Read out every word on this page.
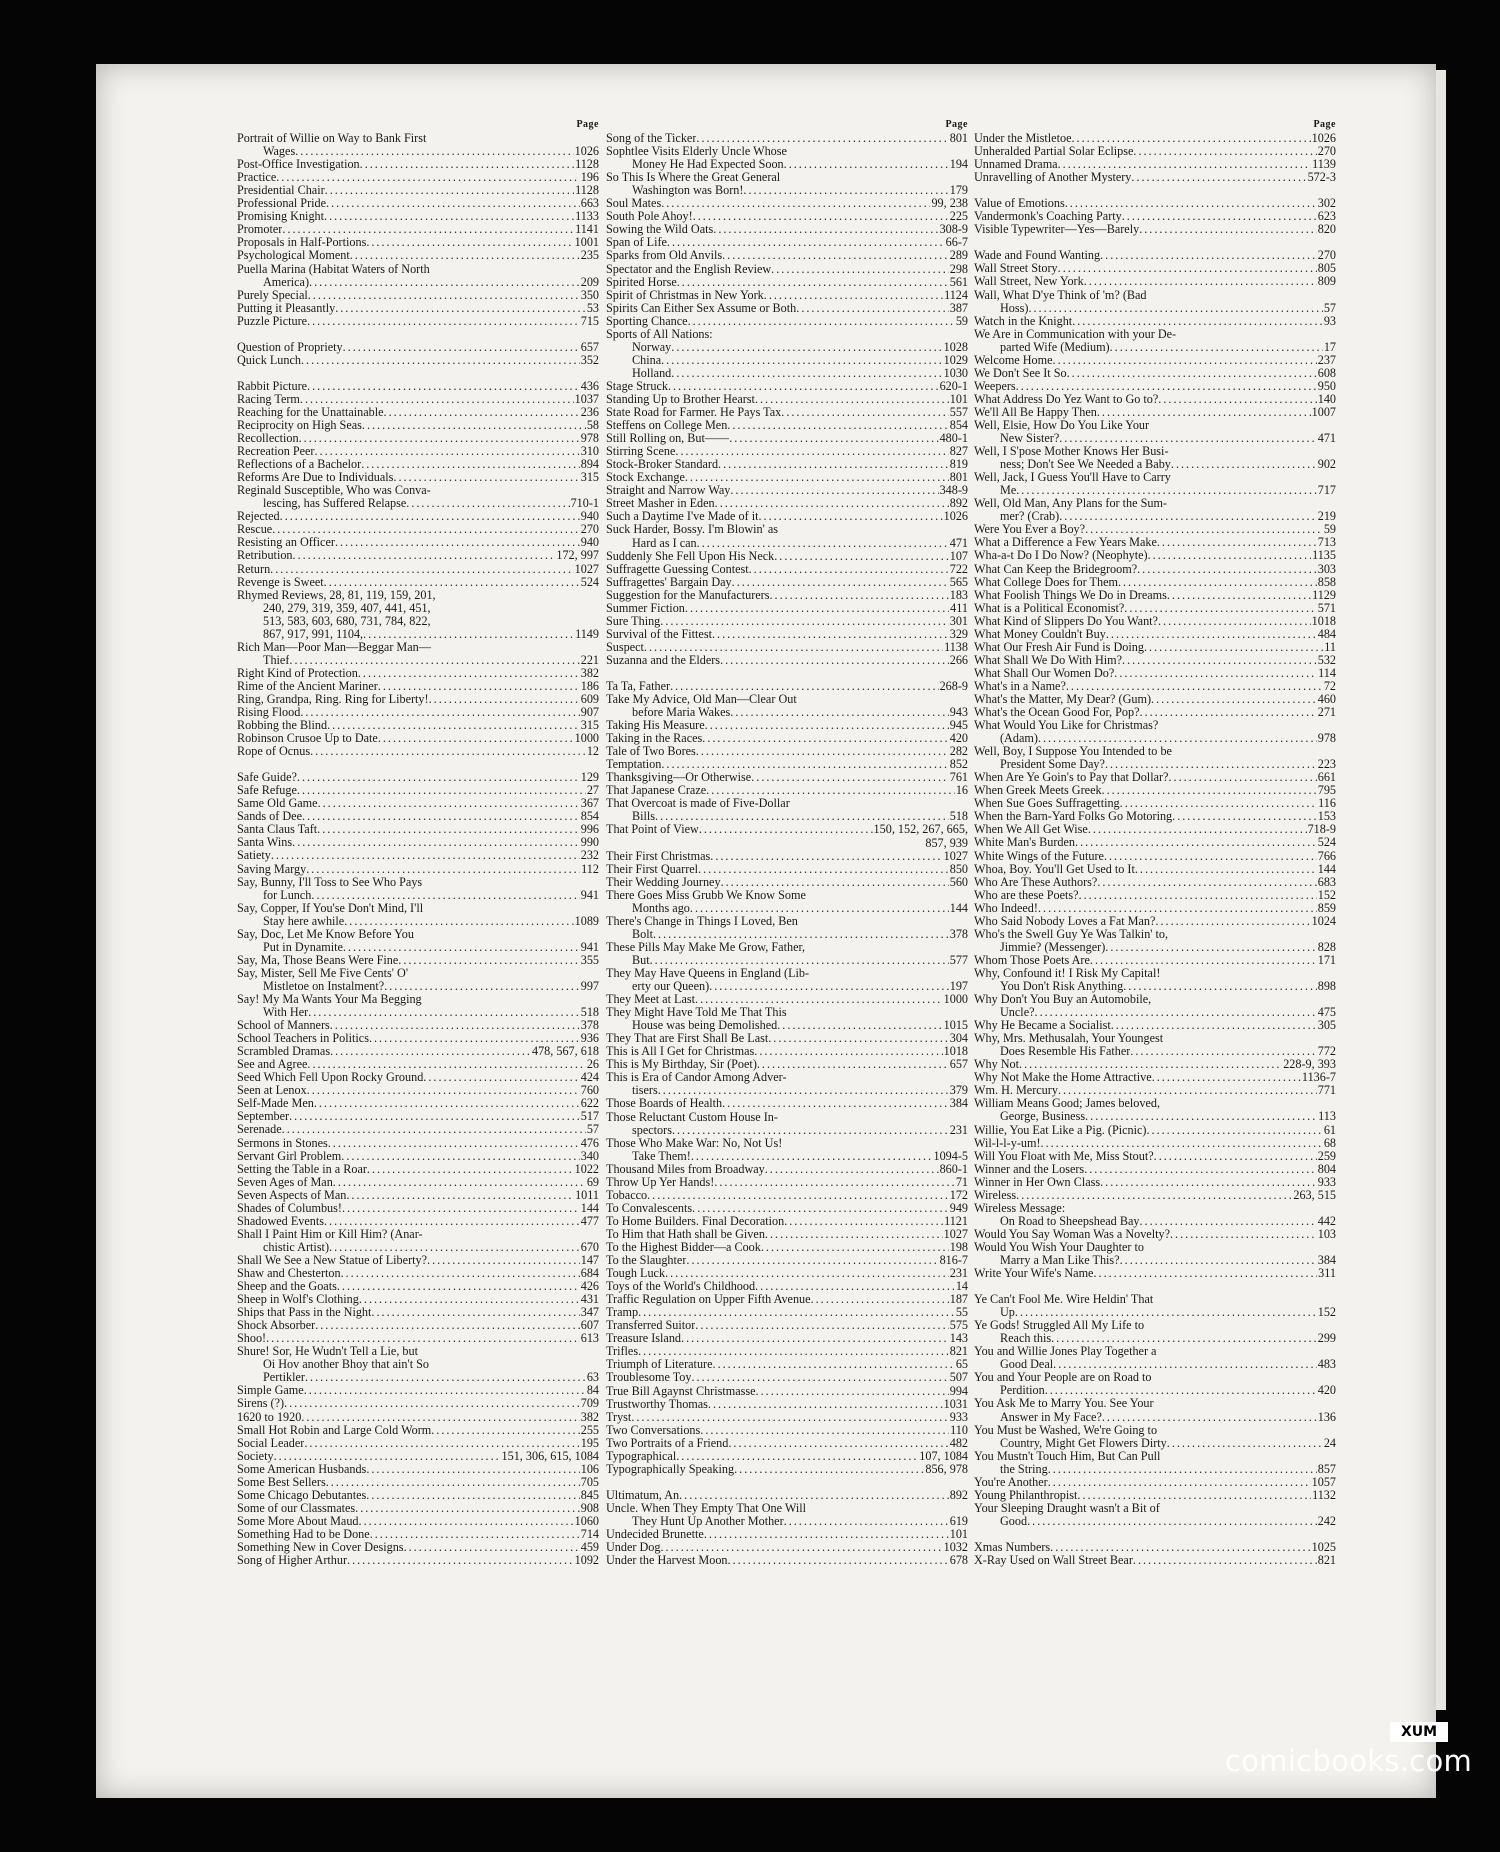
Page
Portrait of Willie on Way to Bank First
Wages .....	1026
Post-Office Investigation .....	1128
Practice .....	196
Presidential Chair .....	1128
Professional Pride .....	663
Promising Knight .....	1133
Promoter .....	1141
Proposals in Half-Portions .....	1001
Psychological Moment .....	235
Puella Marina (Habitat Waters of North
America) .....	209
Purely Special .....	350
Putting it Pleasantly .....	53
Puzzle Picture .....	715
Question of Propriety .....	657
Quick Lunch .....	352
Rabbit Picture .....	436
Racing Term .....	1037
Reaching for the Unattainable .....	236
Reciprocity on High Seas .....	58
Recollection .....	978
Recreation Peer .....	310
Reflections of a Bachelor .....	894
Reforms Are Due to Individuals .....	315
Reginald Susceptible, Who was Conva-
lescing, has Suffered Relapse .....	710-1
Rejected .....	940
Rescue .....	270
Resisting an Officer .....	940
Retribution .....	172, 997
Return .....	1027
Revenge is Sweet .....	524
Rhymed Reviews, 28, 81, 119, 159, 201,
240, 279, 319, 359, 407, 441, 451,
513, 583, 603, 680, 731, 784, 822,
867, 917, 991, 1104, .....	1149
Rich Man—Poor Man—Beggar Man—
Thief .....	221
Right Kind of Protection .....	382
Rime of the Ancient Mariner .....	186
Ring, Grandpa, Ring. Ring for Liberty! .....	609
Rising Flood .....	907
Robbing the Blind .....	315
Robinson Crusoe Up to Date .....	1000
Rope of Ocnus .....	12
Safe Guide? .....	129
Safe Refuge .....	27
Same Old Game .....	367
Sands of Dee .....	854
Santa Claus Taft .....	996
Santa Wins .....	990
Satiety .....	232
Saving Margy .....	112
Say, Bunny, I'll Toss to See Who Pays
for Lunch .....	941
Say, Copper, If You'se Don't Mind, I'll
Stay here awhile .....	1089
Say, Doc, Let Me Know Before You
Put in Dynamite .....	941
Say, Ma, Those Beans Were Fine .....	355
Say, Mister, Sell Me Five Cents' O'
Mistletoe on Instalment? .....	997
Say! My Ma Wants Your Ma Begging
With Her .....	518
School of Manners .....	378
School Teachers in Politics .....	936
Scrambled Dramas .....	478, 567, 618
See and Agree .....	26
Seed Which Fell Upon Rocky Ground .....	424
Seen at Lenox .....	760
Self-Made Men .....	622
September .....	517
Serenade .....	57
Sermons in Stones .....	476
Servant Girl Problem .....	340
Setting the Table in a Roar .....	1022
Seven Ages of Man .....	69
Seven Aspects of Man .....	1011
Shades of Columbus! .....	144
Shadowed Events .....	477
Shall I Paint Him or Kill Him? (Anar-
chistic Artist) .....	670
Shall We See a New Statue of Liberty? .....	147
Shaw and Chesterton .....	684
Sheep and the Goats .....	426
Sheep in Wolf's Clothing .....	431
Ships that Pass in the Night .....	347
Shock Absorber .....	607
Shoo! .....	613
Shure! Sor, He Wudn't Tell a Lie, but
Oi Hov another Bhoy that ain't So
Pertikler .....	63
Simple Game .....	84
Sirens (?) .....	709
1620 to 1920 .....	382
Small Hot Robin and Large Cold Worm .....	255
Social Leader .....	195
Society .....	151, 306, 615, 1084
Some American Husbands .....	106
Some Best Sellers .....	705
Some Chicago Debutantes .....	845
Some of our Classmates .....	908
Some More About Maud .....	1060
Something Had to be Done .....	714
Something New in Cover Designs .....	459
Song of Higher Arthur .....	1092
Page
Song of the Ticker .....	801
Sophtlee Visits Elderly Uncle Whose
Money He Had Expected Soon .....	194
So This Is Where the Great General
Washington was Born! .....	179
Soul Mates .....	99, 238
South Pole Ahoy! .....	225
Sowing the Wild Oats .....	308-9
Span of Life .....	66-7
Sparks from Old Anvils .....	289
Spectator and the English Review .....	298
Spirited Horse .....	561
Spirit of Christmas in New York .....	1124
Spirits Can Either Sex Assume or Both .....	387
Sporting Chance .....	59
Sports of All Nations:
Norway .....	1028
China .....	1029
Holland .....	1030
Stage Struck .....	620-1
Standing Up to Brother Hearst .....	101
State Road for Farmer. He Pays Tax .....	557
Steffens on College Men .....	854
Still Rolling on, But—— .....	480-1
Stirring Scene .....	827
Stock-Broker Standard .....	819
Stock Exchange .....	801
Straight and Narrow Way .....	348-9
Street Masher in Eden .....	892
Such a Daytime I've Made of it .....	1026
Suck Harder, Bossy. I'm Blowin' as
Hard as I can .....	471
Suddenly She Fell Upon His Neck .....	107
Suffragette Guessing Contest .....	722
Suffragettes' Bargain Day .....	565
Suggestion for the Manufacturers .....	183
Summer Fiction .....	411
Sure Thing .....	301
Survival of the Fittest .....	329
Suspect .....	1138
Suzanna and the Elders .....	266
Ta Ta, Father .....	268-9
Take My Advice, Old Man—Clear Out
before Maria Wakes .....	943
Taking His Measure .....	945
Taking in the Races .....	420
Tale of Two Bores .....	282
Temptation .....	852
Thanksgiving—Or Otherwise .....	761
That Japanese Craze .....	16
That Overcoat is made of Five-Dollar
Bills .....	518
That Point of View .....	150, 152, 267, 665,
857, 939
Their First Christmas .....	1027
Their First Quarrel .....	850
Their Wedding Journey .....	560
There Goes Miss Grubb We Know Some
Months ago .....	144
There's Change in Things I Loved, Ben
Bolt .....	378
These Pills May Make Me Grow, Father,
But .....	577
They May Have Queens in England (Lib-
erty our Queen) .....	197
They Meet at Last .....	1000
They Might Have Told Me That This
House was being Demolished .....	1015
They That are First Shall Be Last .....	304
This is All I Get for Christmas .....	1018
This is My Birthday, Sir (Poet) .....	657
This is Era of Candor Among Adver-
tisers .....	379
Those Boards of Health .....	384
Those Reluctant Custom House In-
spectors .....	231
Those Who Make War: No, Not Us!
Take Them! .....	1094-5
Thousand Miles from Broadway .....	860-1
Throw Up Yer Hands! .....	71
Tobacco .....	172
To Convalescents .....	949
To Home Builders. Final Decoration .....	1121
To Him that Hath shall be Given .....	1027
To the Highest Bidder—a Cook .....	198
To the Slaughter .....	816-7
Tough Luck .....	231
Toys of the World's Childhood .....	14
Traffic Regulation on Upper Fifth Avenue .....	187
Tramp .....	55
Transferred Suitor .....	575
Treasure Island .....	143
Trifles .....	821
Triumph of Literature .....	65
Troublesome Toy .....	507
True Bill Agaynst Christmasse .....	994
Trustworthy Thomas .....	1031
Tryst .....	933
Two Conversations .....	110
Two Portraits of a Friend .....	482
Typographical .....	107, 1084
Typographically Speaking .....	856, 978
Ultimatum, An .....	892
Uncle. When They Empty That One Will
They Hunt Up Another Mother .....	619
Undecided Brunette .....	101
Under Dog .....	1032
Under the Harvest Moon .....	678
Page
Under the Mistletoe .....	1026
Unheralded Partial Solar Eclipse .....	270
Unnamed Drama .....	1139
Unravelling of Another Mystery .....	572-3
Value of Emotions .....	302
Vandermonk's Coaching Party .....	623
Visible Typewriter—Yes—Barely .....	820
Wade and Found Wanting .....	270
Wall Street Story .....	805
Wall Street, New York .....	809
Wall, What D'ye Think of 'm? (Bad
Hoss) .....	57
Watch in the Knight .....	93
We Are in Communication with your De-
parted Wife (Medium) .....	17
Welcome Home .....	237
We Don't See It So .....	608
Weepers .....	950
What Address Do Yez Want to Go to? .....	140
We'll All Be Happy Then .....	1007
Well, Elsie, How Do You Like Your
New Sister? .....	471
Well, I S'pose Mother Knows Her Busi-
ness; Don't See We Needed a Baby .....	902
Well, Jack, I Guess You'll Have to Carry
Me .....	717
Well, Old Man, Any Plans for the Sum-
mer? (Crab) .....	219
Were You Ever a Boy? .....	59
What a Difference a Few Years Make .....	713
Wha-a-t Do I Do Now? (Neophyte) .....	1135
What Can Keep the Bridegroom? .....	303
What College Does for Them .....	858
What Foolish Things We Do in Dreams .....	1129
What is a Political Economist? .....	571
What Kind of Slippers Do You Want? .....	1018
What Money Couldn't Buy .....	484
What Our Fresh Air Fund is Doing .....	11
What Shall We Do With Him? .....	532
What Shall Our Women Do? .....	114
What's in a Name? .....	72
What's the Matter, My Dear? (Gum) .....	460
What's the Ocean Good For, Pop? .....	271
What Would You Like for Christmas?
(Adam) .....	978
Well, Boy, I Suppose You Intended to be
President Some Day? .....	223
When Are Ye Goin's to Pay that Dollar? .....	661
When Greek Meets Greek .....	795
When Sue Goes Suffragetting .....	116
When the Barn-Yard Folks Go Motoring .....	153
When We All Get Wise .....	718-9
White Man's Burden .....	524
White Wings of the Future .....	766
Whoa, Boy. You'll Get Used to It .....	144
Who Are These Authors? .....	683
Who are these Poets? .....	152
Who Indeed! .....	859
Who Said Nobody Loves a Fat Man? .....	1024
Who's the Swell Guy Ye Was Talkin' to,
Jimmie? (Messenger) .....	828
Whom Those Poets Are .....	171
Why, Confound it! I Risk My Capital!
You Don't Risk Anything .....	898
Why Don't You Buy an Automobile,
Uncle? .....	475
Why He Became a Socialist .....	305
Why, Mrs. Methusalah, Your Youngest
Does Resemble His Father .....	772
Why Not .....	228-9, 393
Why Not Make the Home Attractive .....	1136-7
Wm. H. Mercury .....	771
William Means Good; James beloved,
George, Business .....	113
Willie, You Eat Like a Pig. (Picnic) .....	61
Wil-l-l-y-um! .....	68
Will You Float with Me, Miss Stout? .....	259
Winner and the Losers .....	804
Winner in Her Own Class .....	933
Wireless .....	263, 515
Wireless Message:
On Road to Sheepshead Bay .....	442
Would You Say Woman Was a Novelty? .....	103
Would You Wish Your Daughter to
Marry a Man Like This? .....	384
Write Your Wife's Name .....	311
Ye Can't Fool Me. Wire Heldin' That
Up .....	152
Ye Gods! Struggled All My Life to
Reach this .....	299
You and Willie Jones Play Together a
Good Deal .....	483
You and Your People are on Road to
Perdition .....	420
You Ask Me to Marry You. See Your
Answer in My Face? .....	136
You Must be Washed, We're Going to
Country, Might Get Flowers Dirty .....	24
You Mustn't Touch Him, But Can Pull
the String .....	857
You're Another .....	1057
Young Philanthropist .....	1132
Your Sleeping Draught wasn't a Bit of
Good .....	242
Xmas Numbers .....	1025
X-Ray Used on Wall Street Bear .....	821
XUM
comicbooks.com
